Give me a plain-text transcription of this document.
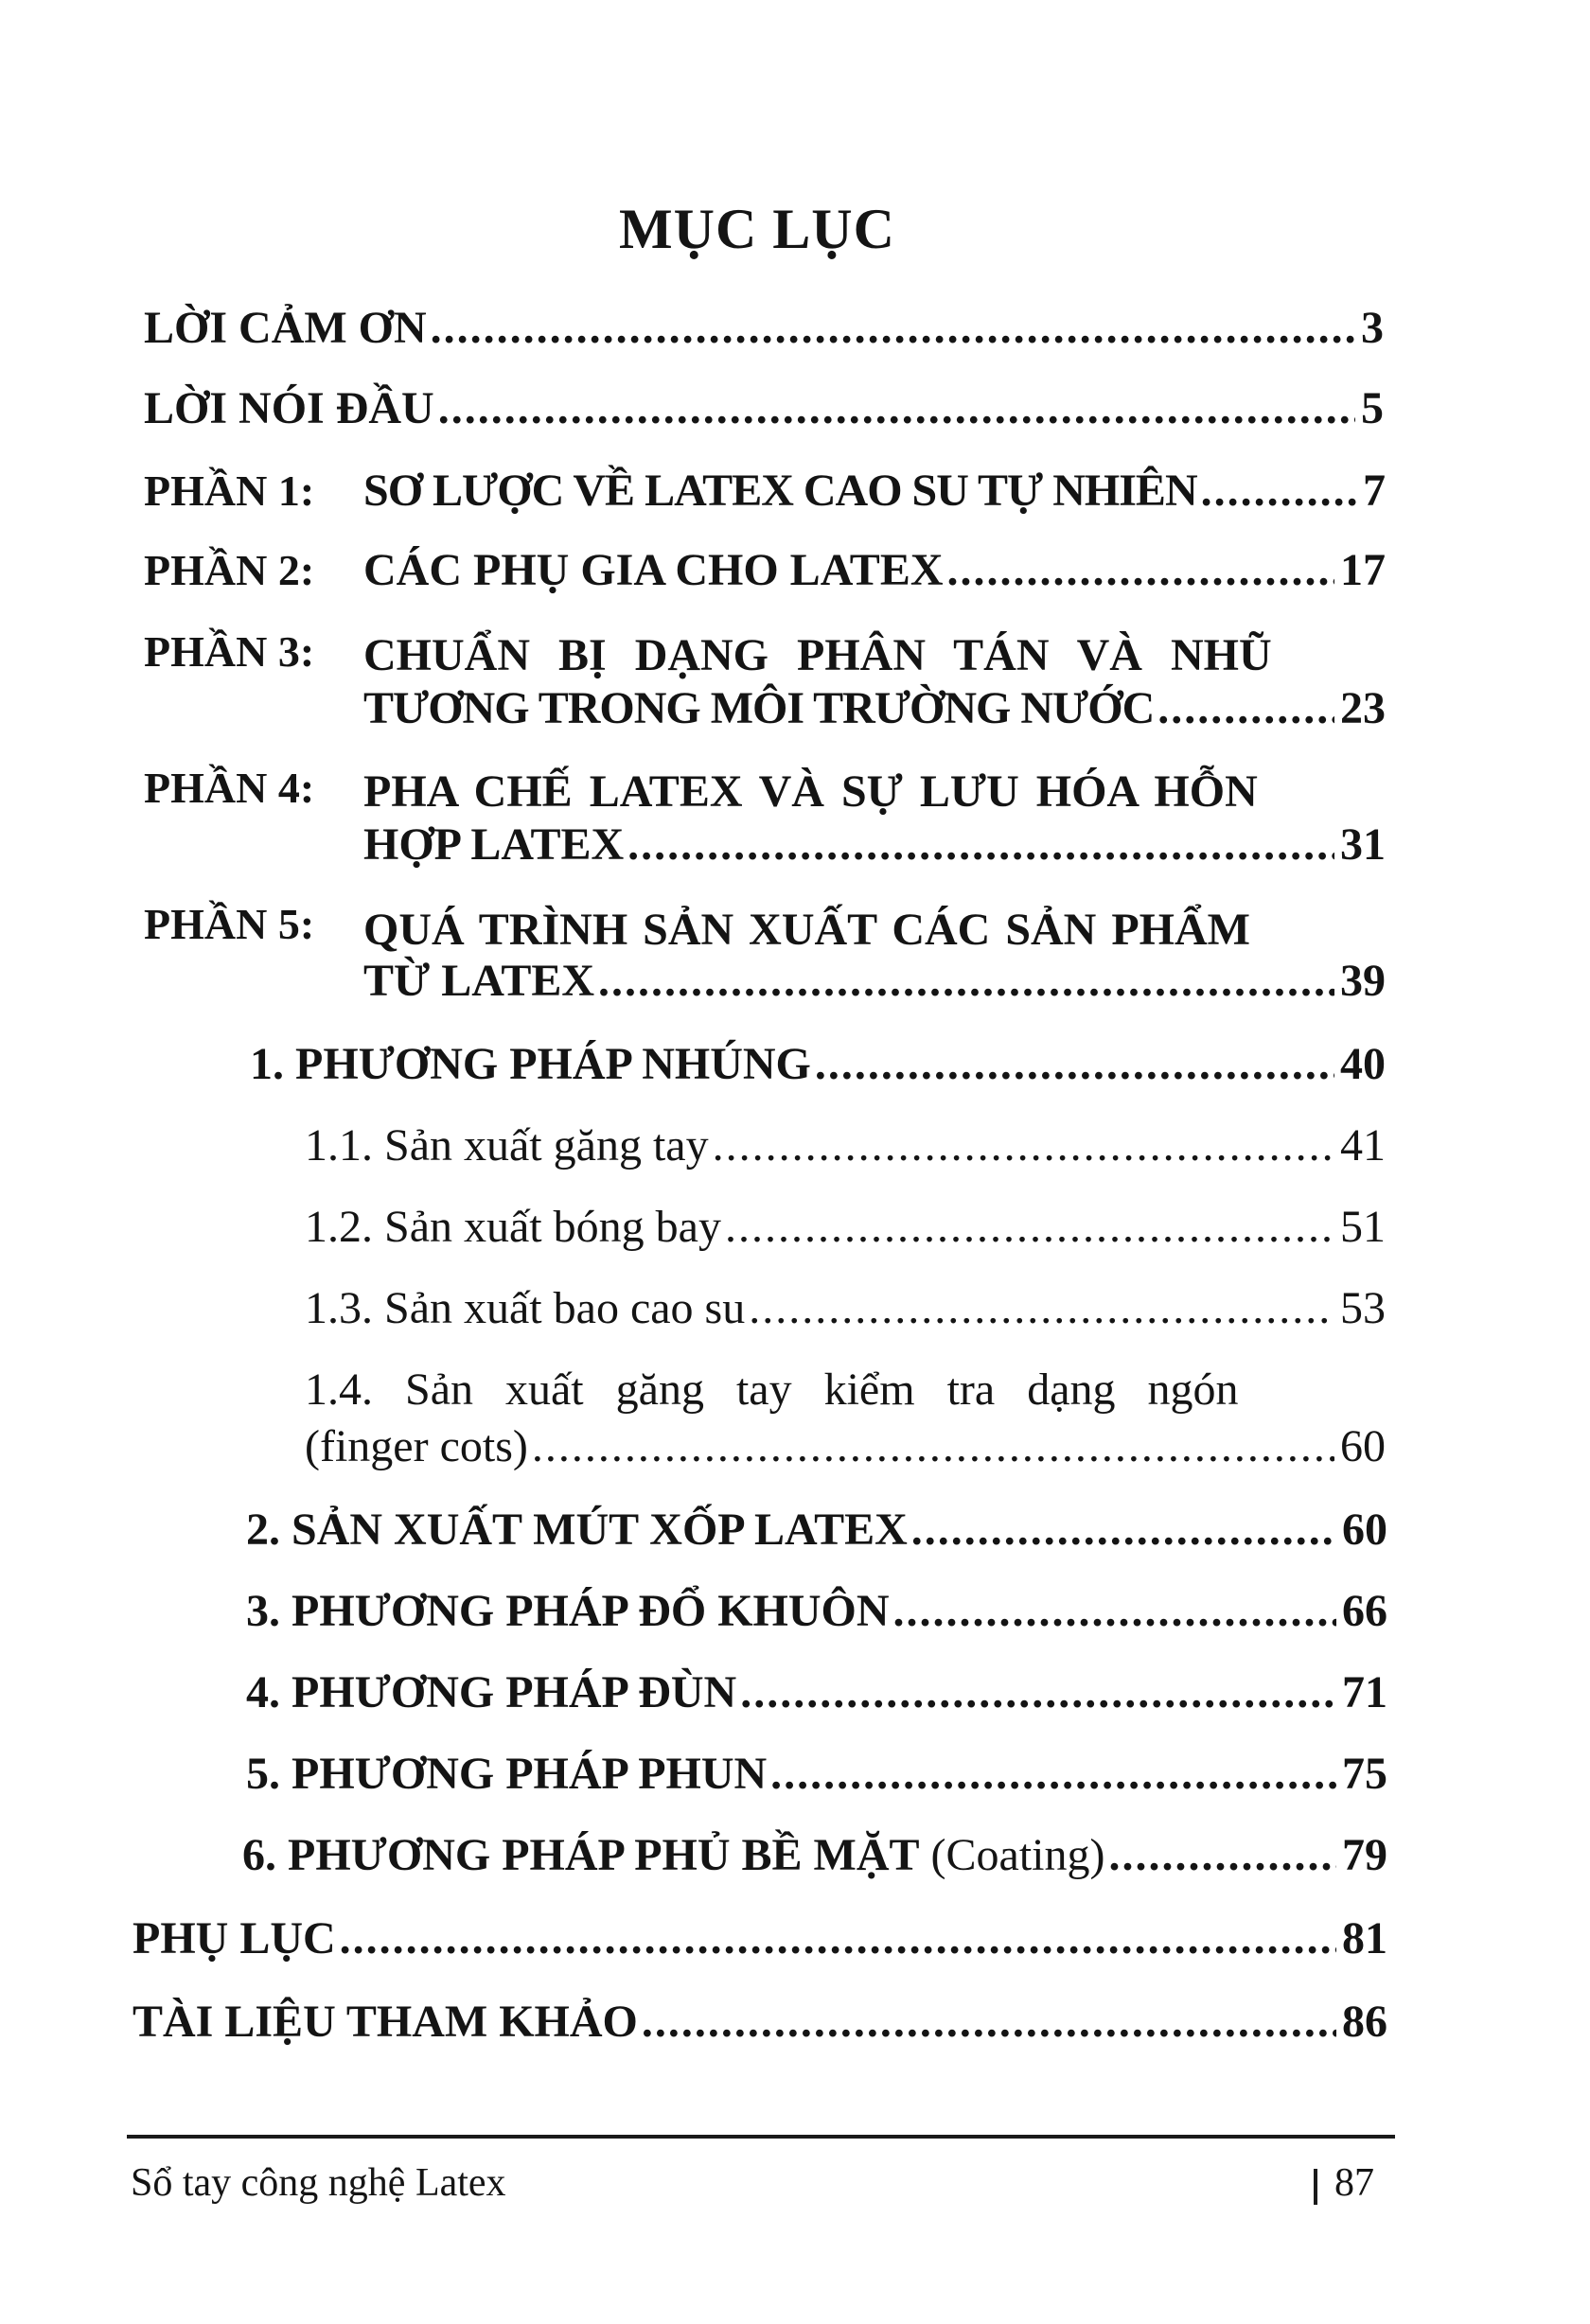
MỤC LỤC
LỜI CẢM ƠN .....	3
LỜI NÓI ĐẦU .....	5
PHẦN 1: SƠ LƯỢC VỀ LATEX CAO SU TỰ NHIÊN .....	7
PHẦN 2: CÁC PHỤ GIA CHO LATEX .....	17
PHẦN 3: CHUẨN BỊ DẠNG PHÂN TÁN VÀ NHŨ
TƯƠNG TRONG MÔI TRƯỜNG NƯỚC .....	23
PHẦN 4: PHA CHẾ LATEX VÀ SỰ LƯU HÓA HỖN
HỢP LATEX .....	31
PHẦN 5: QUÁ TRÌNH SẢN XUẤT CÁC SẢN PHẨM
TỪ LATEX .....	39
1. PHƯƠNG PHÁP NHÚNG .....	40
1.1. Sản xuất găng tay .....	41
1.2. Sản xuất bóng bay .....	51
1.3. Sản xuất bao cao su .....	53
1.4. Sản xuất găng tay kiểm tra dạng ngón
(finger cots) .....	60
2. SẢN XUẤT MÚT XỐP LATEX .....	60
3. PHƯƠNG PHÁP ĐỔ KHUÔN .....	66
4. PHƯƠNG PHÁP ĐÙN .....	71
5. PHƯƠNG PHÁP PHUN .....	75
6. PHƯƠNG PHÁP PHỦ BỀ MẶT (Coating) .....	79
PHỤ LỤC .....	81
TÀI LIỆU THAM KHẢO .....	86
Sổ tay công nghệ Latex	87
